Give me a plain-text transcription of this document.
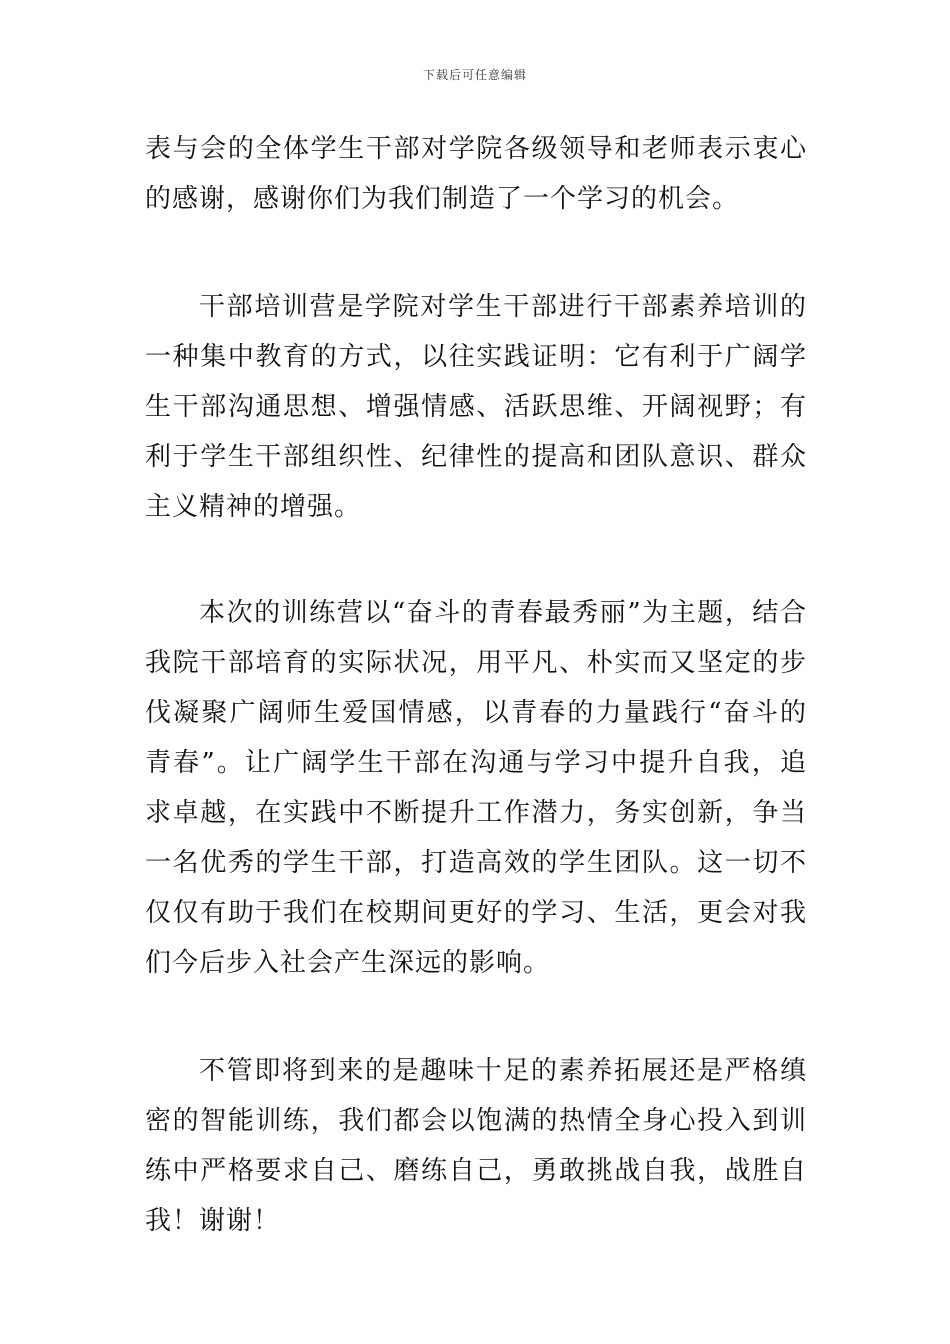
下载后可任意编辑

表与会的全体学生干部对学院各级领导和老师表示衷心的感谢，感谢你们为我们制造了一个学习的机会。

干部培训营是学院对学生干部进行干部素养培训的一种集中教育的方式，以往实践证明：它有利于广阔学生干部沟通思想、增强情感、活跃思维、开阔视野；有利于学生干部组织性、纪律性的提高和团队意识、群众主义精神的增强。

本次的训练营以“奋斗的青春最秀丽”为主题，结合我院干部培育的实际状况，用平凡、朴实而又坚定的步伐凝聚广阔师生爱国情感，以青春的力量践行“奋斗的青春”。让广阔学生干部在沟通与学习中提升自我，追求卓越，在实践中不断提升工作潜力，务实创新，争当一名优秀的学生干部，打造高效的学生团队。这一切不仅仅有助于我们在校期间更好的学习、生活，更会对我们今后步入社会产生深远的影响。

不管即将到来的是趣味十足的素养拓展还是严格缜密的智能训练，我们都会以饱满的热情全身心投入到训练中严格要求自己、磨练自己，勇敢挑战自我，战胜自我！谢谢！
